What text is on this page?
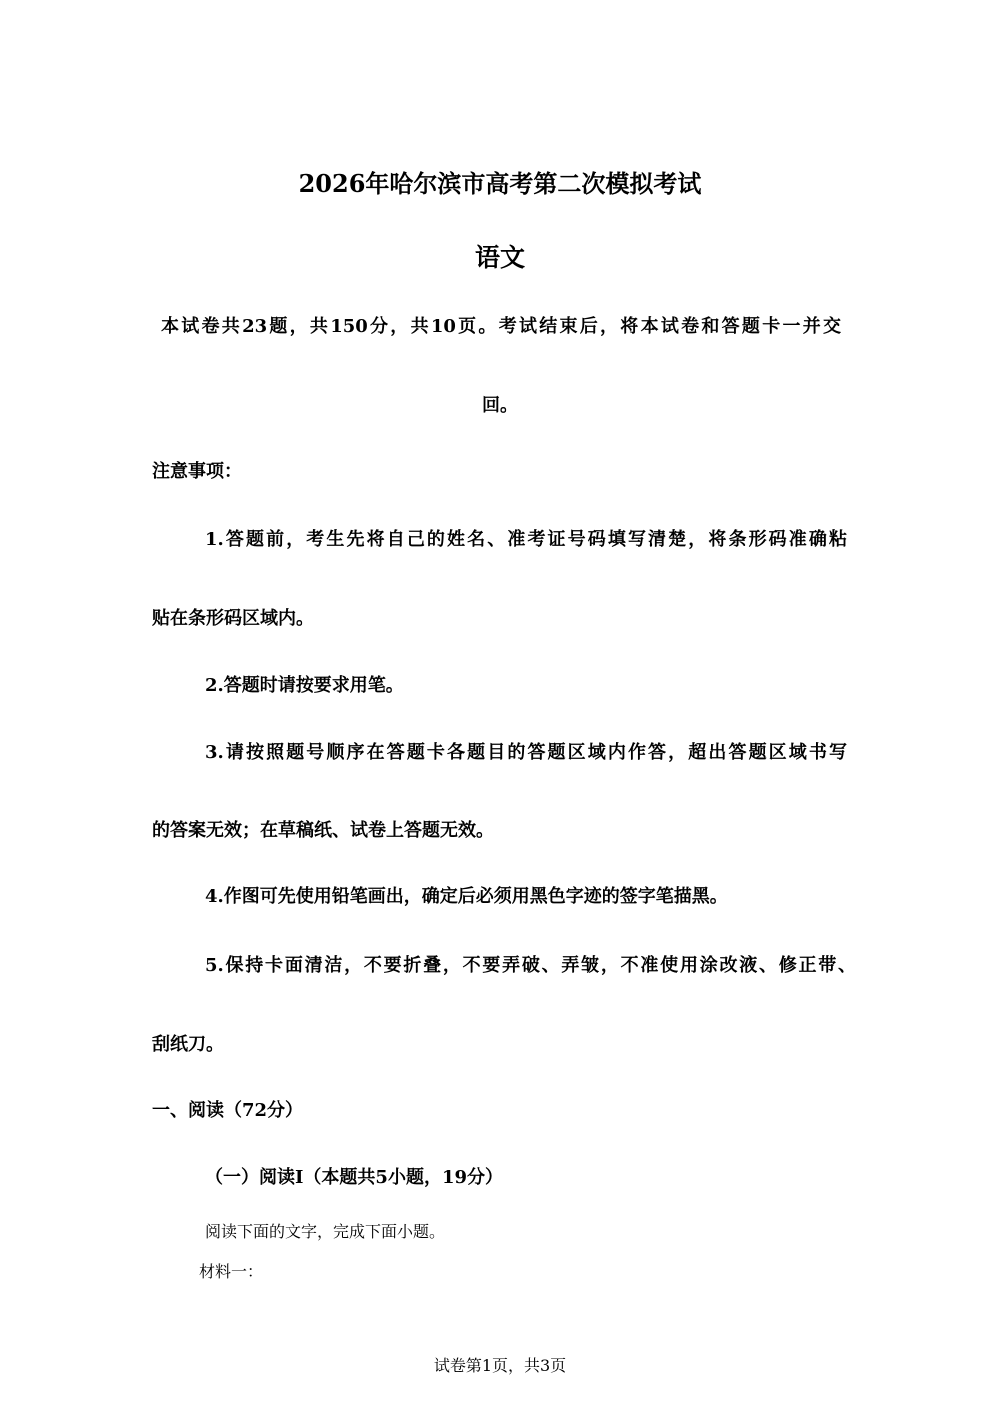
2026年哈尔滨市高考第二次模拟考试
语文
本试卷共23题，共150分，共10页。考试结束后，将本试卷和答题卡一并交
回。
注意事项：
1.答题前，考生先将自己的姓名、准考证号码填写清楚，将条形码准确粘
贴在条形码区域内。
2.答题时请按要求用笔。
3.请按照题号顺序在答题卡各题目的答题区域内作答，超出答题区域书写
的答案无效；在草稿纸、试卷上答题无效。
4.作图可先使用铅笔画出，确定后必须用黑色字迹的签字笔描黑。
5.保持卡面清洁，不要折叠，不要弄破、弄皱，不准使用涂改液、修正带、
刮纸刀。
一、阅读（72分）
（一）阅读Ⅰ（本题共5小题，19分）
阅读下面的文字，完成下面小题。
材料一：
试卷第1页，共3页
